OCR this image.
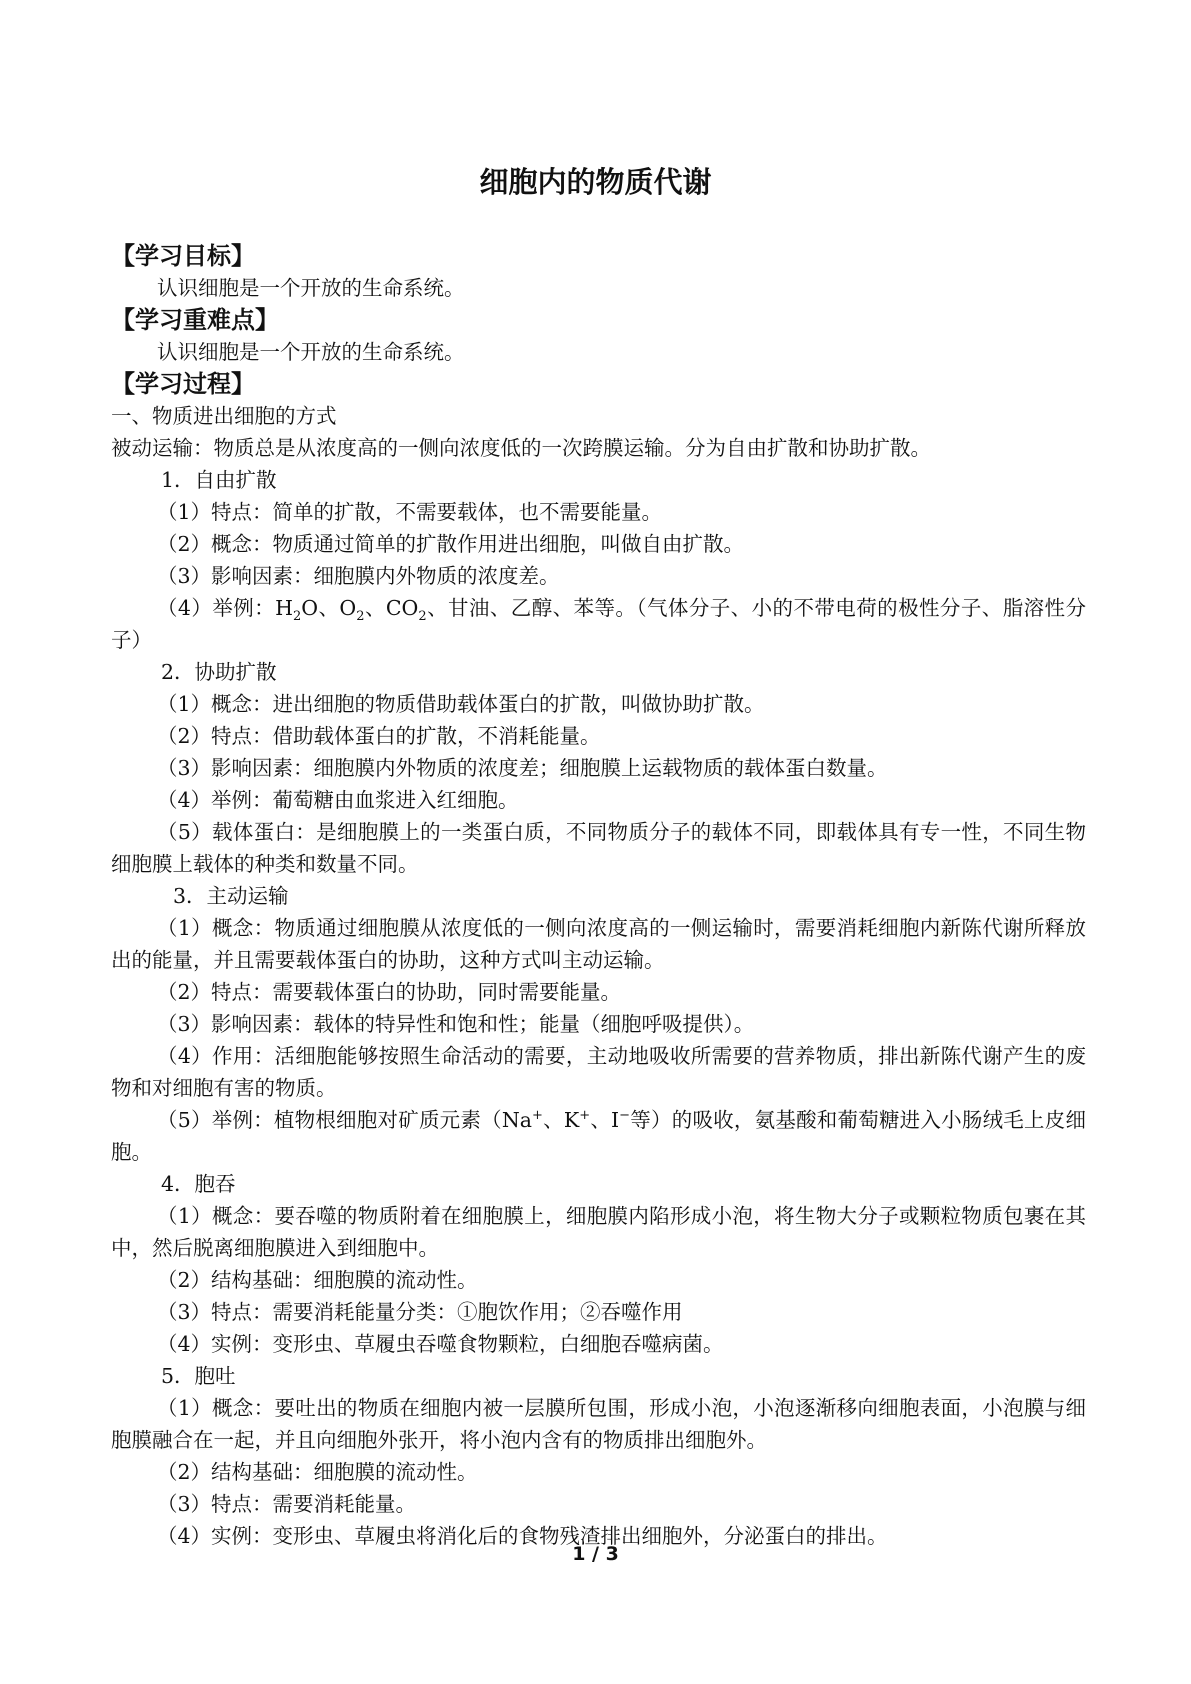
细胞内的物质代谢

【学习目标】

认识细胞是一个开放的生命系统。

【学习重难点】

认识细胞是一个开放的生命系统。

【学习过程】

一、物质进出细胞的方式

被动运输：物质总是从浓度高的一侧向浓度低的一次跨膜运输。分为自由扩散和协助扩散。

1．自由扩散

（1）特点：简单的扩散，不需要载体，也不需要能量。

（2）概念：物质通过简单的扩散作用进出细胞，叫做自由扩散。

（3）影响因素：细胞膜内外物质的浓度差。

（4）举例：$H_2O$、$O_2$、$CO_2$、甘油、乙醇、苯等。（气体分子、小的不带电荷的极性分子、脂溶性分子）

2．协助扩散

（1）概念：进出细胞的物质借助载体蛋白的扩散，叫做协助扩散。

（2）特点：借助载体蛋白的扩散，不消耗能量。

（3）影响因素：细胞膜内外物质的浓度差；细胞膜上运载物质的载体蛋白数量。

（4）举例：葡萄糖由血浆进入红细胞。

（5）载体蛋白：是细胞膜上的一类蛋白质，不同物质分子的载体不同，即载体具有专一性，不同生物细胞膜上载体的种类和数量不同。

3．主动运输

（1）概念：物质通过细胞膜从浓度低的一侧向浓度高的一侧运输时，需要消耗细胞内新陈代谢所释放出的能量，并且需要载体蛋白的协助，这种方式叫主动运输。

（2）特点：需要载体蛋白的协助，同时需要能量。

（3）影响因素：载体的特异性和饱和性；能量（细胞呼吸提供）。

（4）作用：活细胞能够按照生命活动的需要，主动地吸收所需要的营养物质，排出新陈代谢产生的废物和对细胞有害的物质。

（5）举例：植物根细胞对矿质元素（Na+、K+、I−等）的吸收，氨基酸和葡萄糖进入小肠绒毛上皮细胞。

4．胞吞

（1）概念：要吞噬的物质附着在细胞膜上，细胞膜内陷形成小泡，将生物大分子或颗粒物质包裹在其中，然后脱离细胞膜进入到细胞中。

（2）结构基础：细胞膜的流动性。

（3）特点：需要消耗能量分类：①胞饮作用；②吞噬作用

（4）实例：变形虫、草履虫吞噬食物颗粒，白细胞吞噬病菌。

5．胞吐

（1）概念：要吐出的物质在细胞内被一层膜所包围，形成小泡，小泡逐渐移向细胞表面，小泡膜与细胞膜融合在一起，并且向细胞外张开，将小泡内含有的物质排出细胞外。

（2）结构基础：细胞膜的流动性。

（3）特点：需要消耗能量。

（4）实例：变形虫、草履虫将消化后的食物残渣排出细胞外，分泌蛋白的排出。

1 / 3
